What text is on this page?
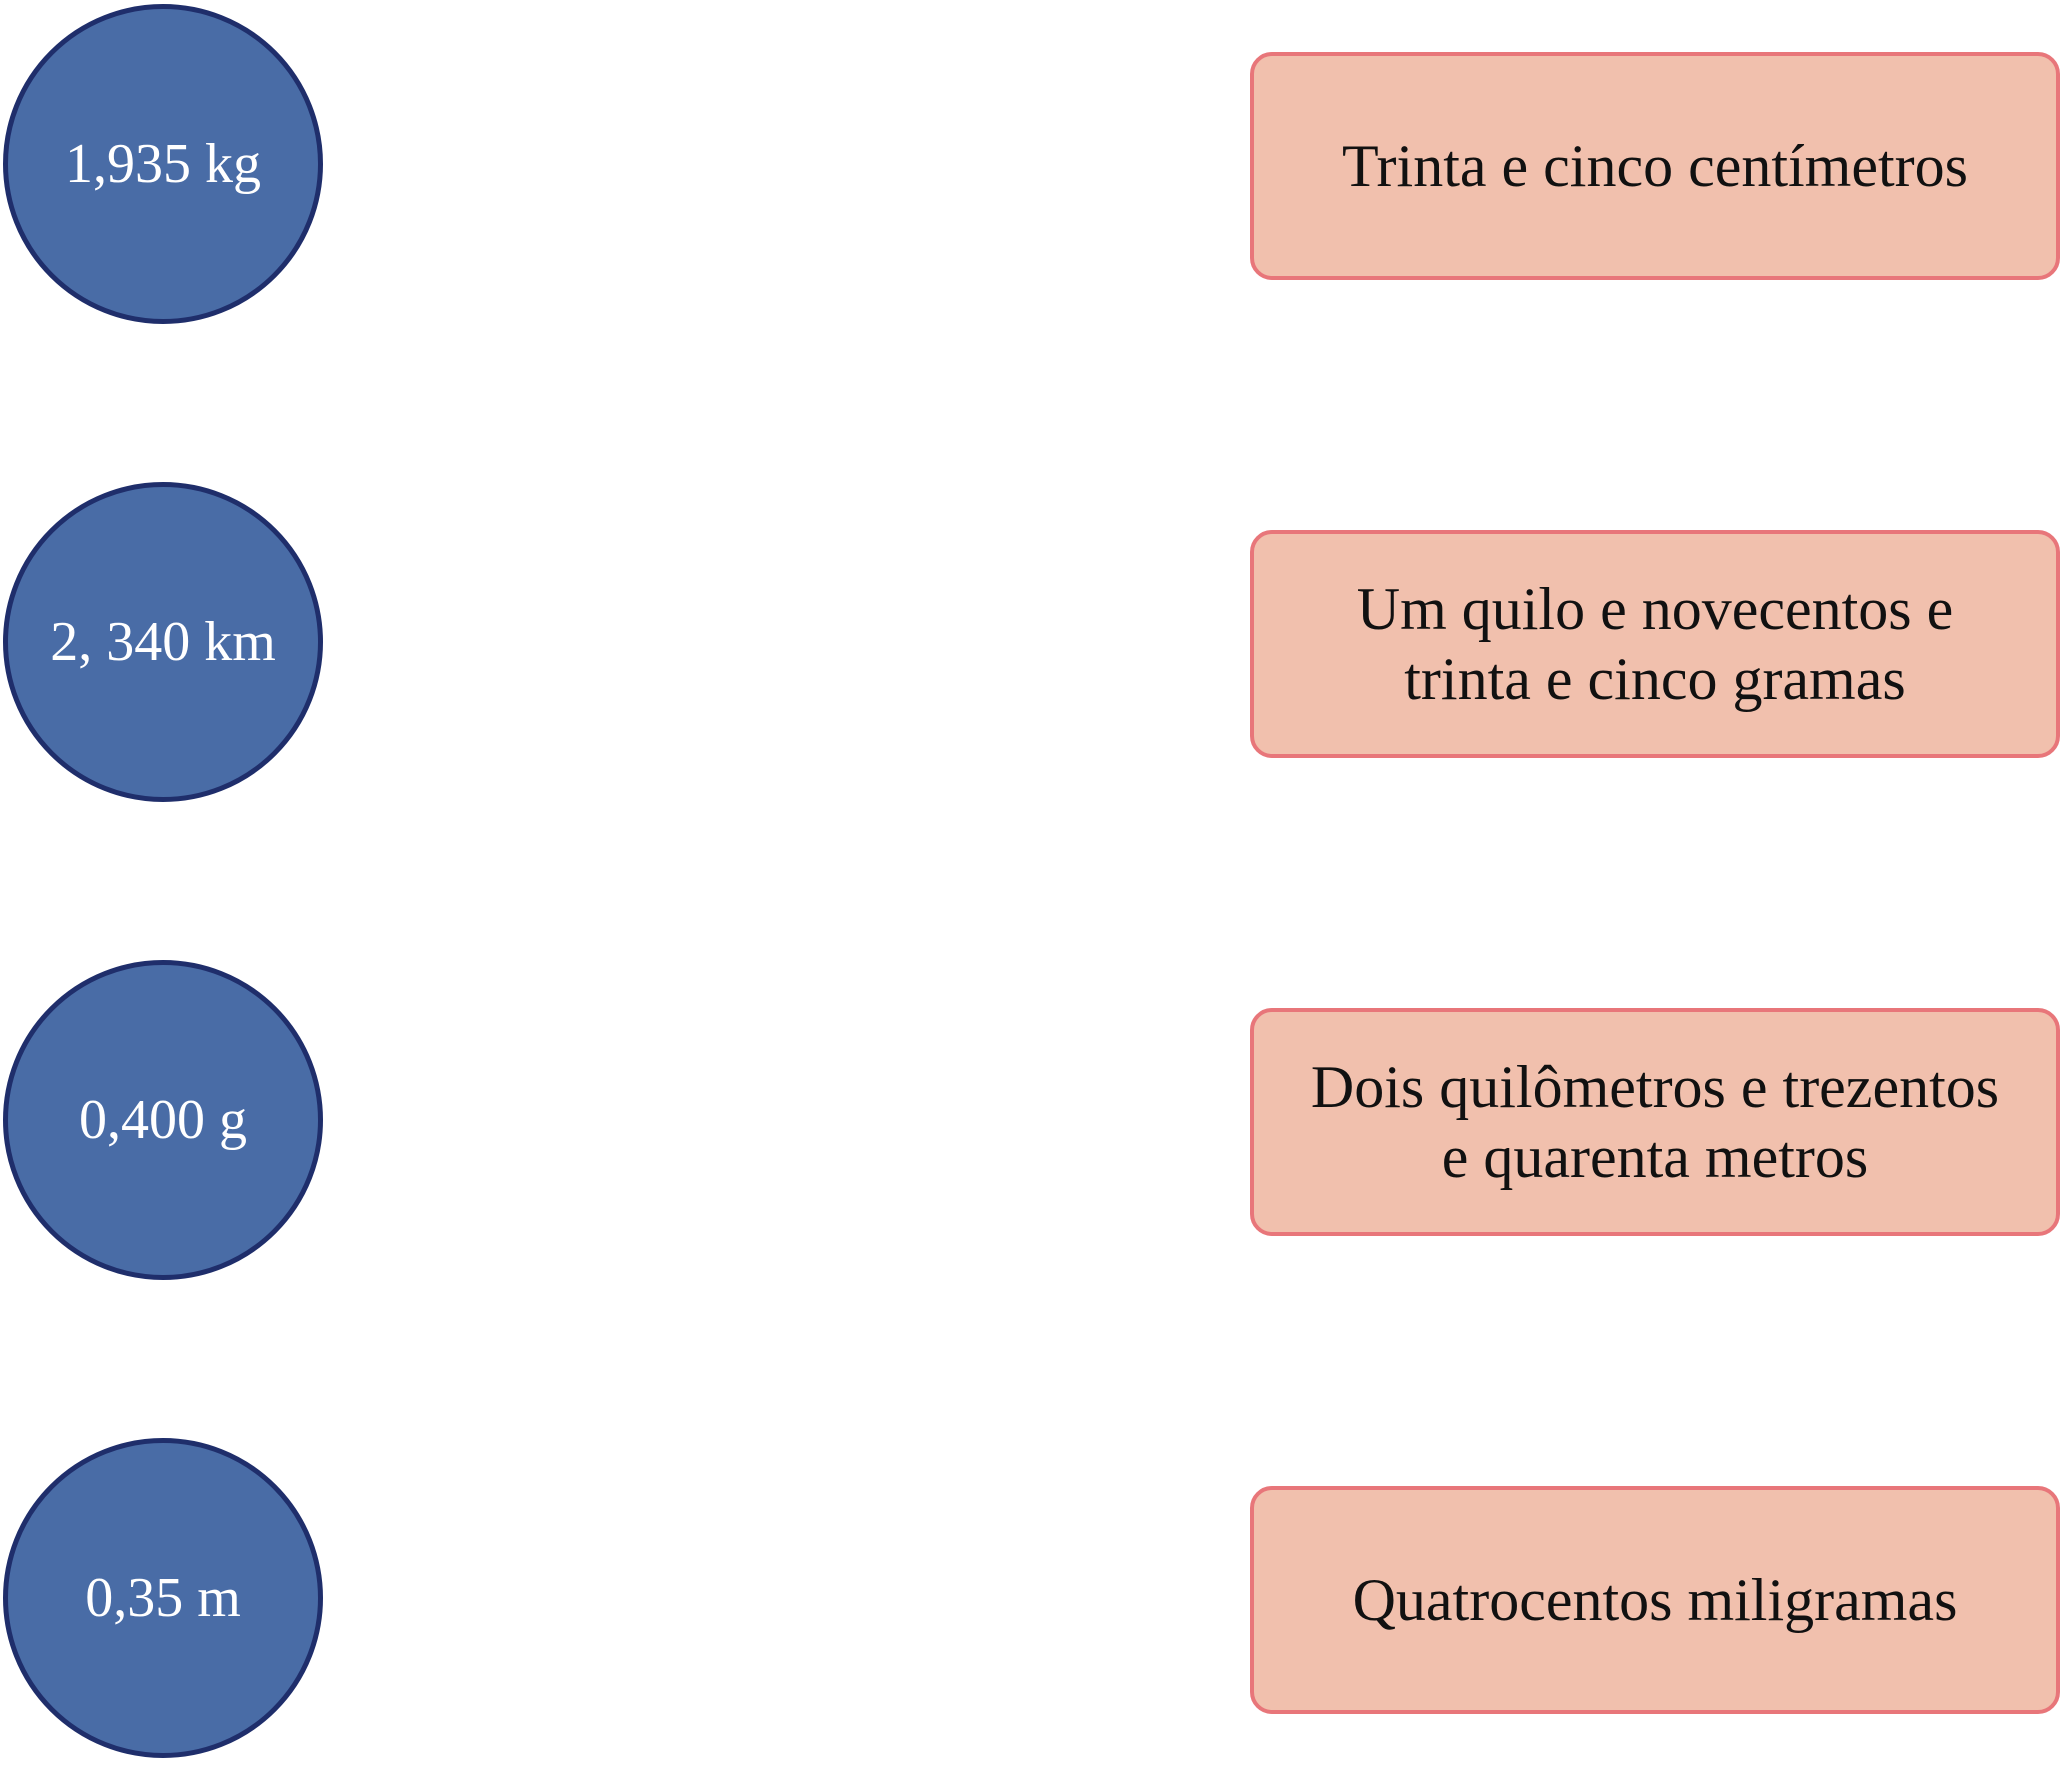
1,935 kg
2, 340 km
0,400 g
0,35 m
Trinta e cinco centímetros
Um quilo e novecentos e
trinta e cinco gramas
Dois quilômetros e trezentos
e quarenta metros
Quatrocentos miligramas
